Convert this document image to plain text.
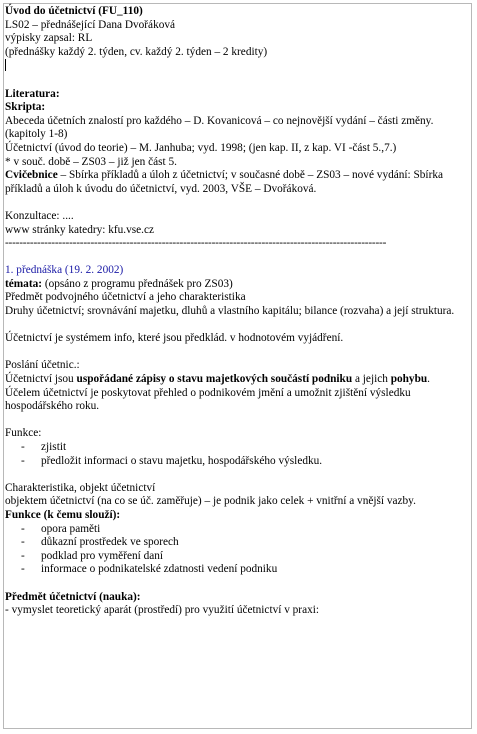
Úvod do účetnictví (FU_110)

LS02 – přednášející Dana Dvořáková

výpisky zapsal: RL

(přednášky každý 2. týden, cv. každý 2. týden – 2 kredity)

Literatura:

Skripta:

Abeceda účetních znalostí pro každého – D. Kovanicová – co nejnovější vydání – části změny. (kapitoly 1-8)

Účetnictví (úvod do teorie) – M. Janhuba; vyd. 1998; (jen kap. II, z kap. VI -část 5.,7.)

* v souč. době – ZS03 – již jen část 5.

Cvičebnice – Sbírka příkladů a úloh z účetnictví; v současné době – ZS03 – nové vydání: Sbírka příkladů a úloh k úvodu do účetnictví, vyd. 2003, VŠE – Dvořáková.

Konzultace: ....

www stránky katedry: kfu.vse.cz

-----------------------------------------------------------------------------------------------------------

1. přednáška (19. 2. 2002)

témata: (opsáno z programu přednášek pro ZS03)

Předmět podvojného účetnictví a jeho charakteristika

Druhy účetnictví; srovnávání majetku, dluhů a vlastního kapitálu; bilance (rozvaha) a její struktura.

Účetnictví je systémem info, které jsou předklád. v hodnotovém vyjádření.

Poslání účetnic.:

Účetnictví jsou uspořádané zápisy o stavu majetkových součástí podniku a jejich pohybu.

Účelem účetnictví je poskytovat přehled o podnikovém jmění a umožnit zjištění výsledku hospodářského roku.

Funkce:

- zjistit
- předložit informaci o stavu majetku, hospodářského výsledku.

Charakteristika, objekt účetnictví

objektem účetnictví (na co se úč. zaměřuje) – je podnik jako celek + vnitřní a vnější vazby.

Funkce (k čemu slouží):

- opora paměti
- důkazní prostředek ve sporech
- podklad pro vyměření daní
- informace o podnikatelské zdatnosti vedení podniku

Předmět účetnictví (nauka):

- vymyslet teoretický aparát (prostředí) pro využití účetnictví v praxi:
